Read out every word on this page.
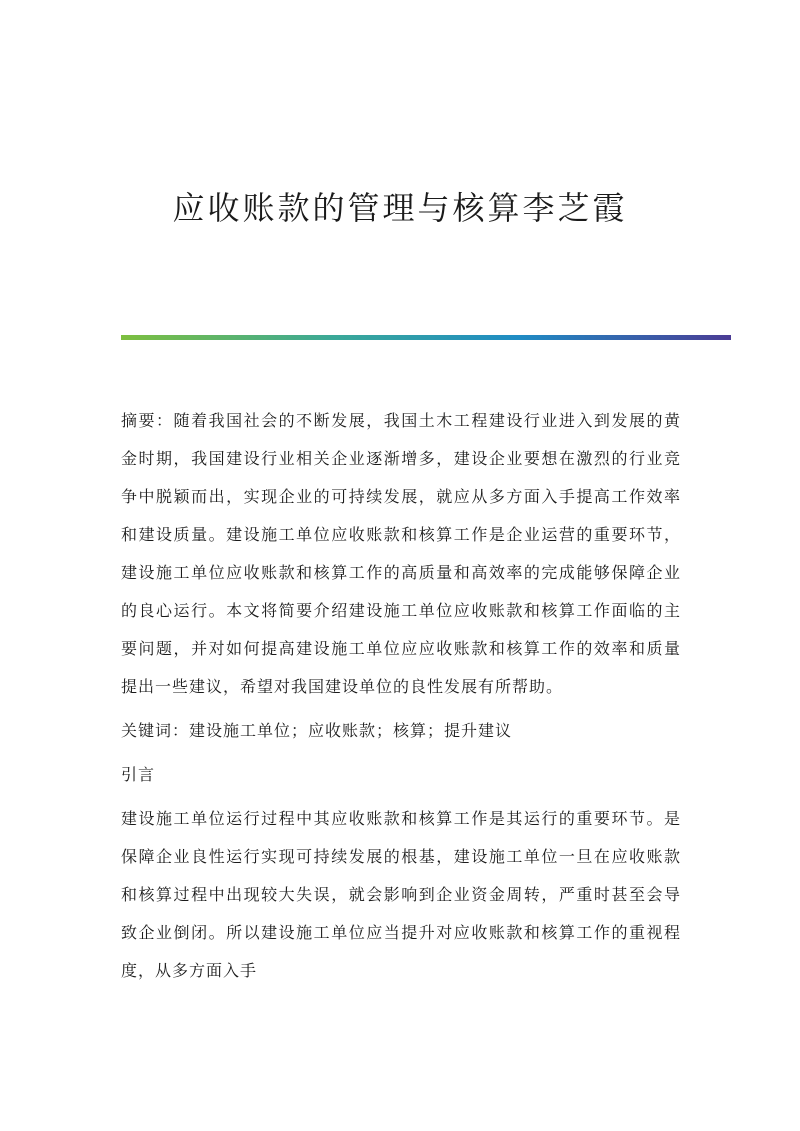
应收账款的管理与核算李芝霞

摘要：随着我国社会的不断发展，我国土木工程建设行业进入到发展的黄金时期，我国建设行业相关企业逐渐增多，建设企业要想在激烈的行业竞争中脱颖而出，实现企业的可持续发展，就应从多方面入手提高工作效率和建设质量。建设施工单位应收账款和核算工作是企业运营的重要环节，建设施工单位应收账款和核算工作的高质量和高效率的完成能够保障企业的良心运行。本文将简要介绍建设施工单位应收账款和核算工作面临的主要问题，并对如何提高建设施工单位应应收账款和核算工作的效率和质量提出一些建议，希望对我国建设单位的良性发展有所帮助。

关键词：建设施工单位；应收账款；核算；提升建议

引言

建设施工单位运行过程中其应收账款和核算工作是其运行的重要环节。是保障企业良性运行实现可持续发展的根基，建设施工单位一旦在应收账款和核算过程中出现较大失误，就会影响到企业资金周转，严重时甚至会导致企业倒闭。所以建设施工单位应当提升对应收账款和核算工作的重视程度，从多方面入手
